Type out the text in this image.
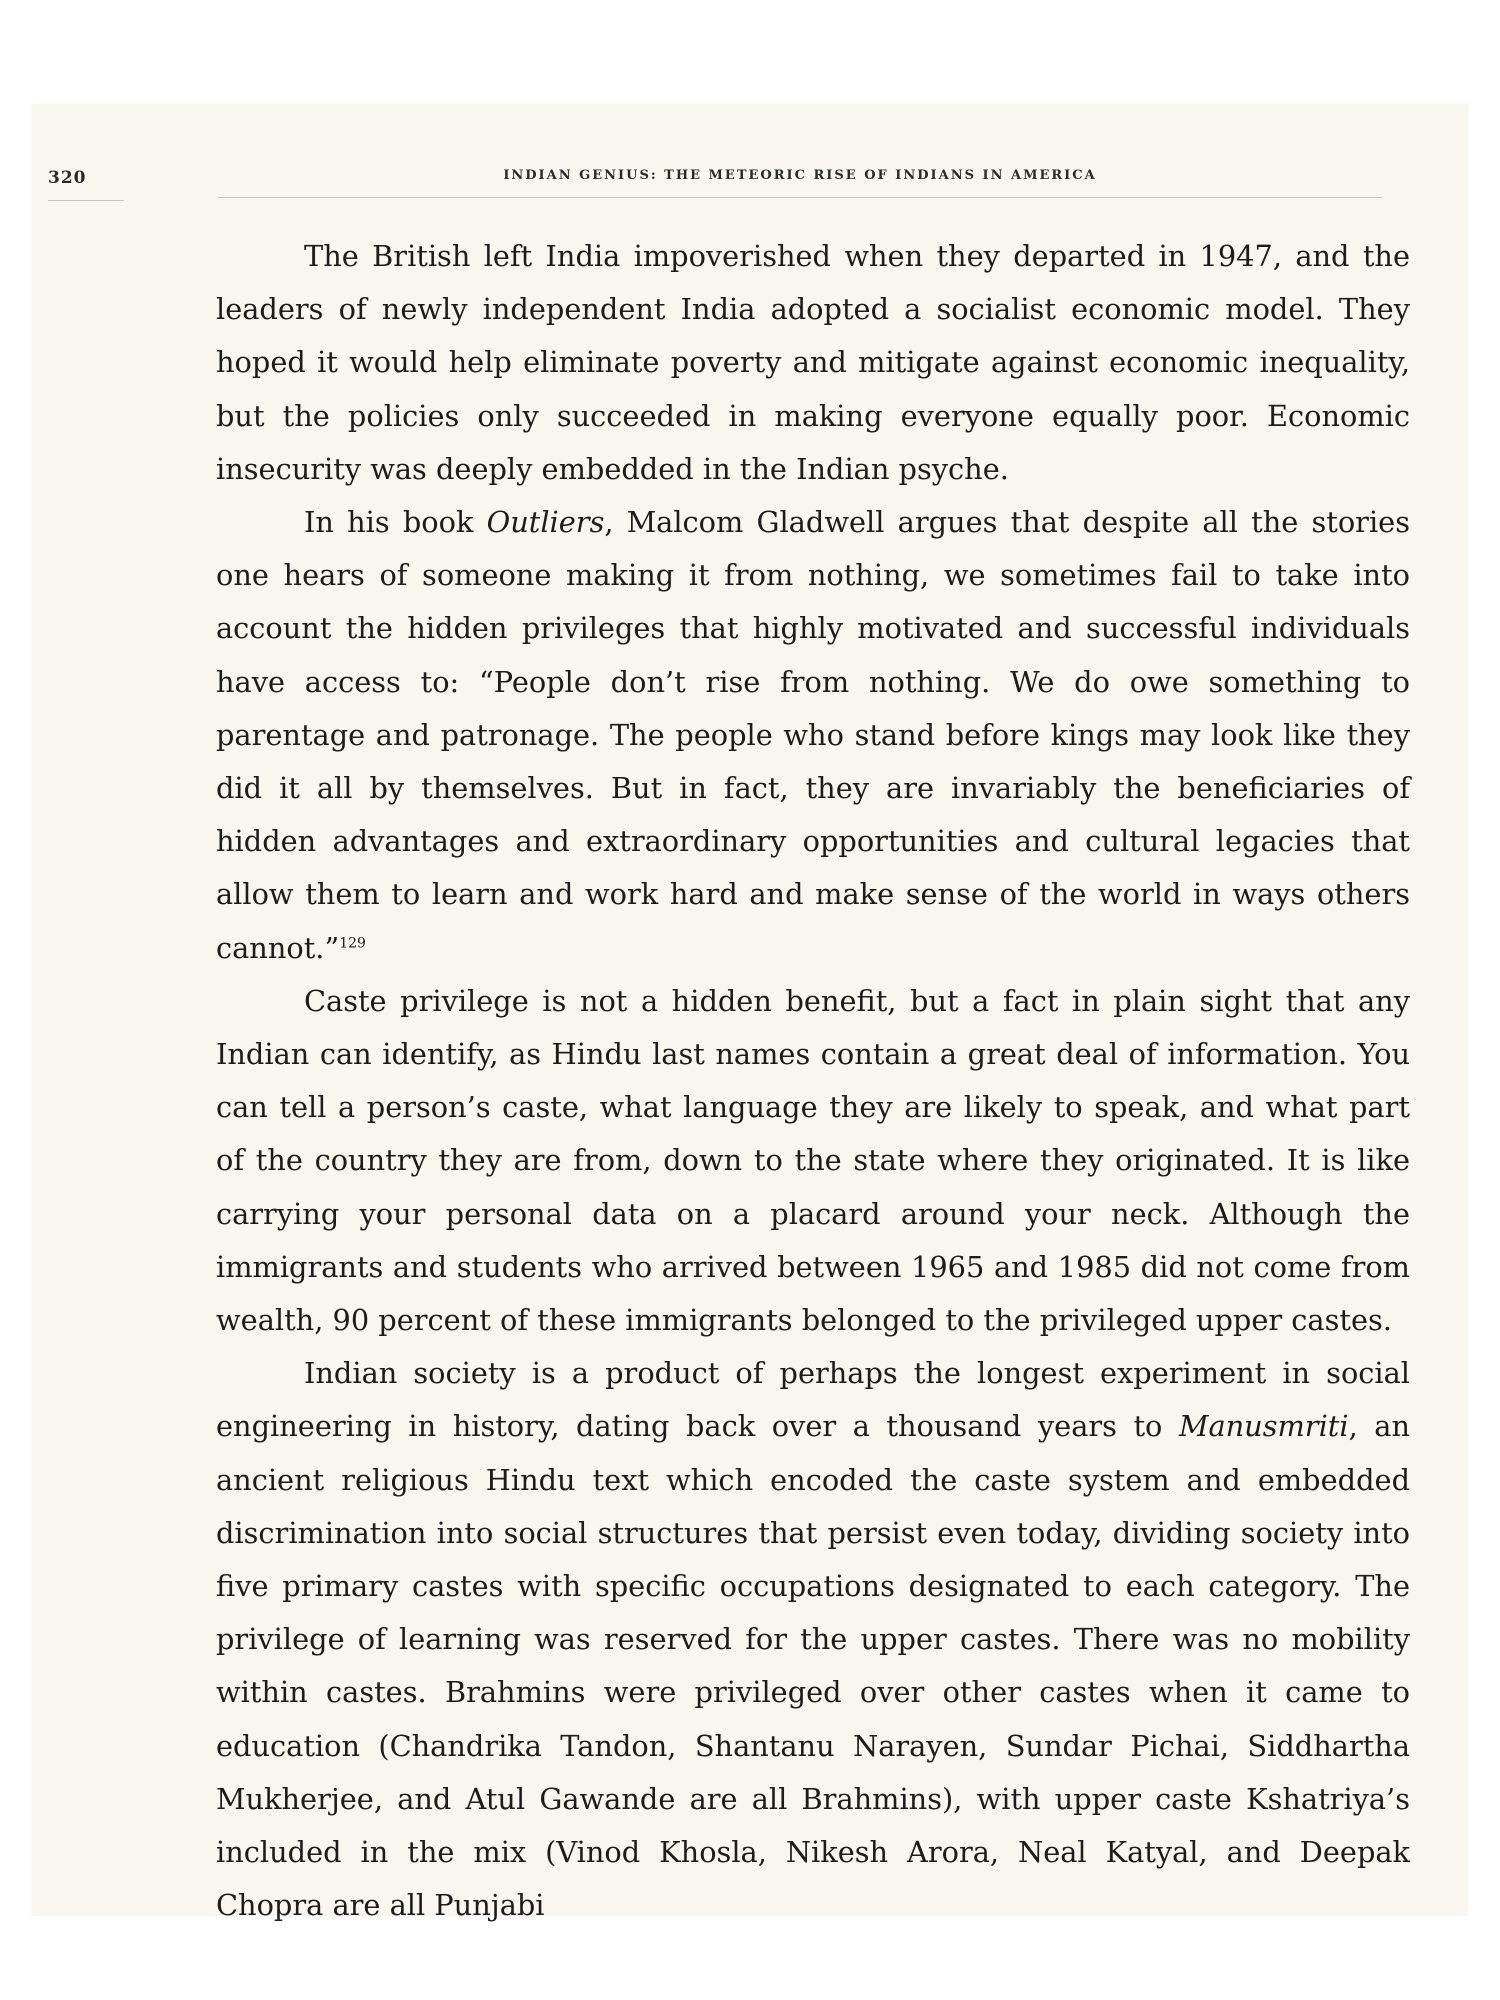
320	INDIAN GENIUS: THE METEORIC RISE OF INDIANS IN AMERICA

The British left India impoverished when they departed in 1947, and the leaders of newly independent India adopted a socialist economic model. They hoped it would help eliminate poverty and mitigate against economic inequality, but the policies only succeeded in making everyone equally poor. Economic insecurity was deeply embedded in the Indian psyche.

In his book Outliers, Malcom Gladwell argues that despite all the stories one hears of someone making it from nothing, we sometimes fail to take into account the hidden privileges that highly motivated and successful individuals have access to: “People don’t rise from nothing. We do owe something to parentage and patronage. The people who stand before kings may look like they did it all by themselves. But in fact, they are invariably the beneficiaries of hidden advantages and extraordinary opportunities and cultural legacies that allow them to learn and work hard and make sense of the world in ways others cannot.”$^{129}$

Caste privilege is not a hidden benefit, but a fact in plain sight that any Indian can identify, as Hindu last names contain a great deal of information. You can tell a person’s caste, what language they are likely to speak, and what part of the country they are from, down to the state where they originated. It is like carrying your personal data on a placard around your neck. Although the immigrants and students who arrived between 1965 and 1985 did not come from wealth, 90 percent of these immigrants belonged to the privileged upper castes.

Indian society is a product of perhaps the longest experiment in social engineering in history, dating back over a thousand years to Manusmriti, an ancient religious Hindu text which encoded the caste system and embedded discrimination into social structures that persist even today, dividing society into five primary castes with specific occupations designated to each category. The privilege of learning was reserved for the upper castes. There was no mobility within castes. Brahmins were privileged over other castes when it came to education (Chandrika Tandon, Shantanu Narayen, Sundar Pichai, Siddhartha Mukherjee, and Atul Gawande are all Brahmins), with upper caste Kshatriya’s included in the mix (Vinod Khosla, Nikesh Arora, Neal Katyal, and Deepak Chopra are all Punjabi
